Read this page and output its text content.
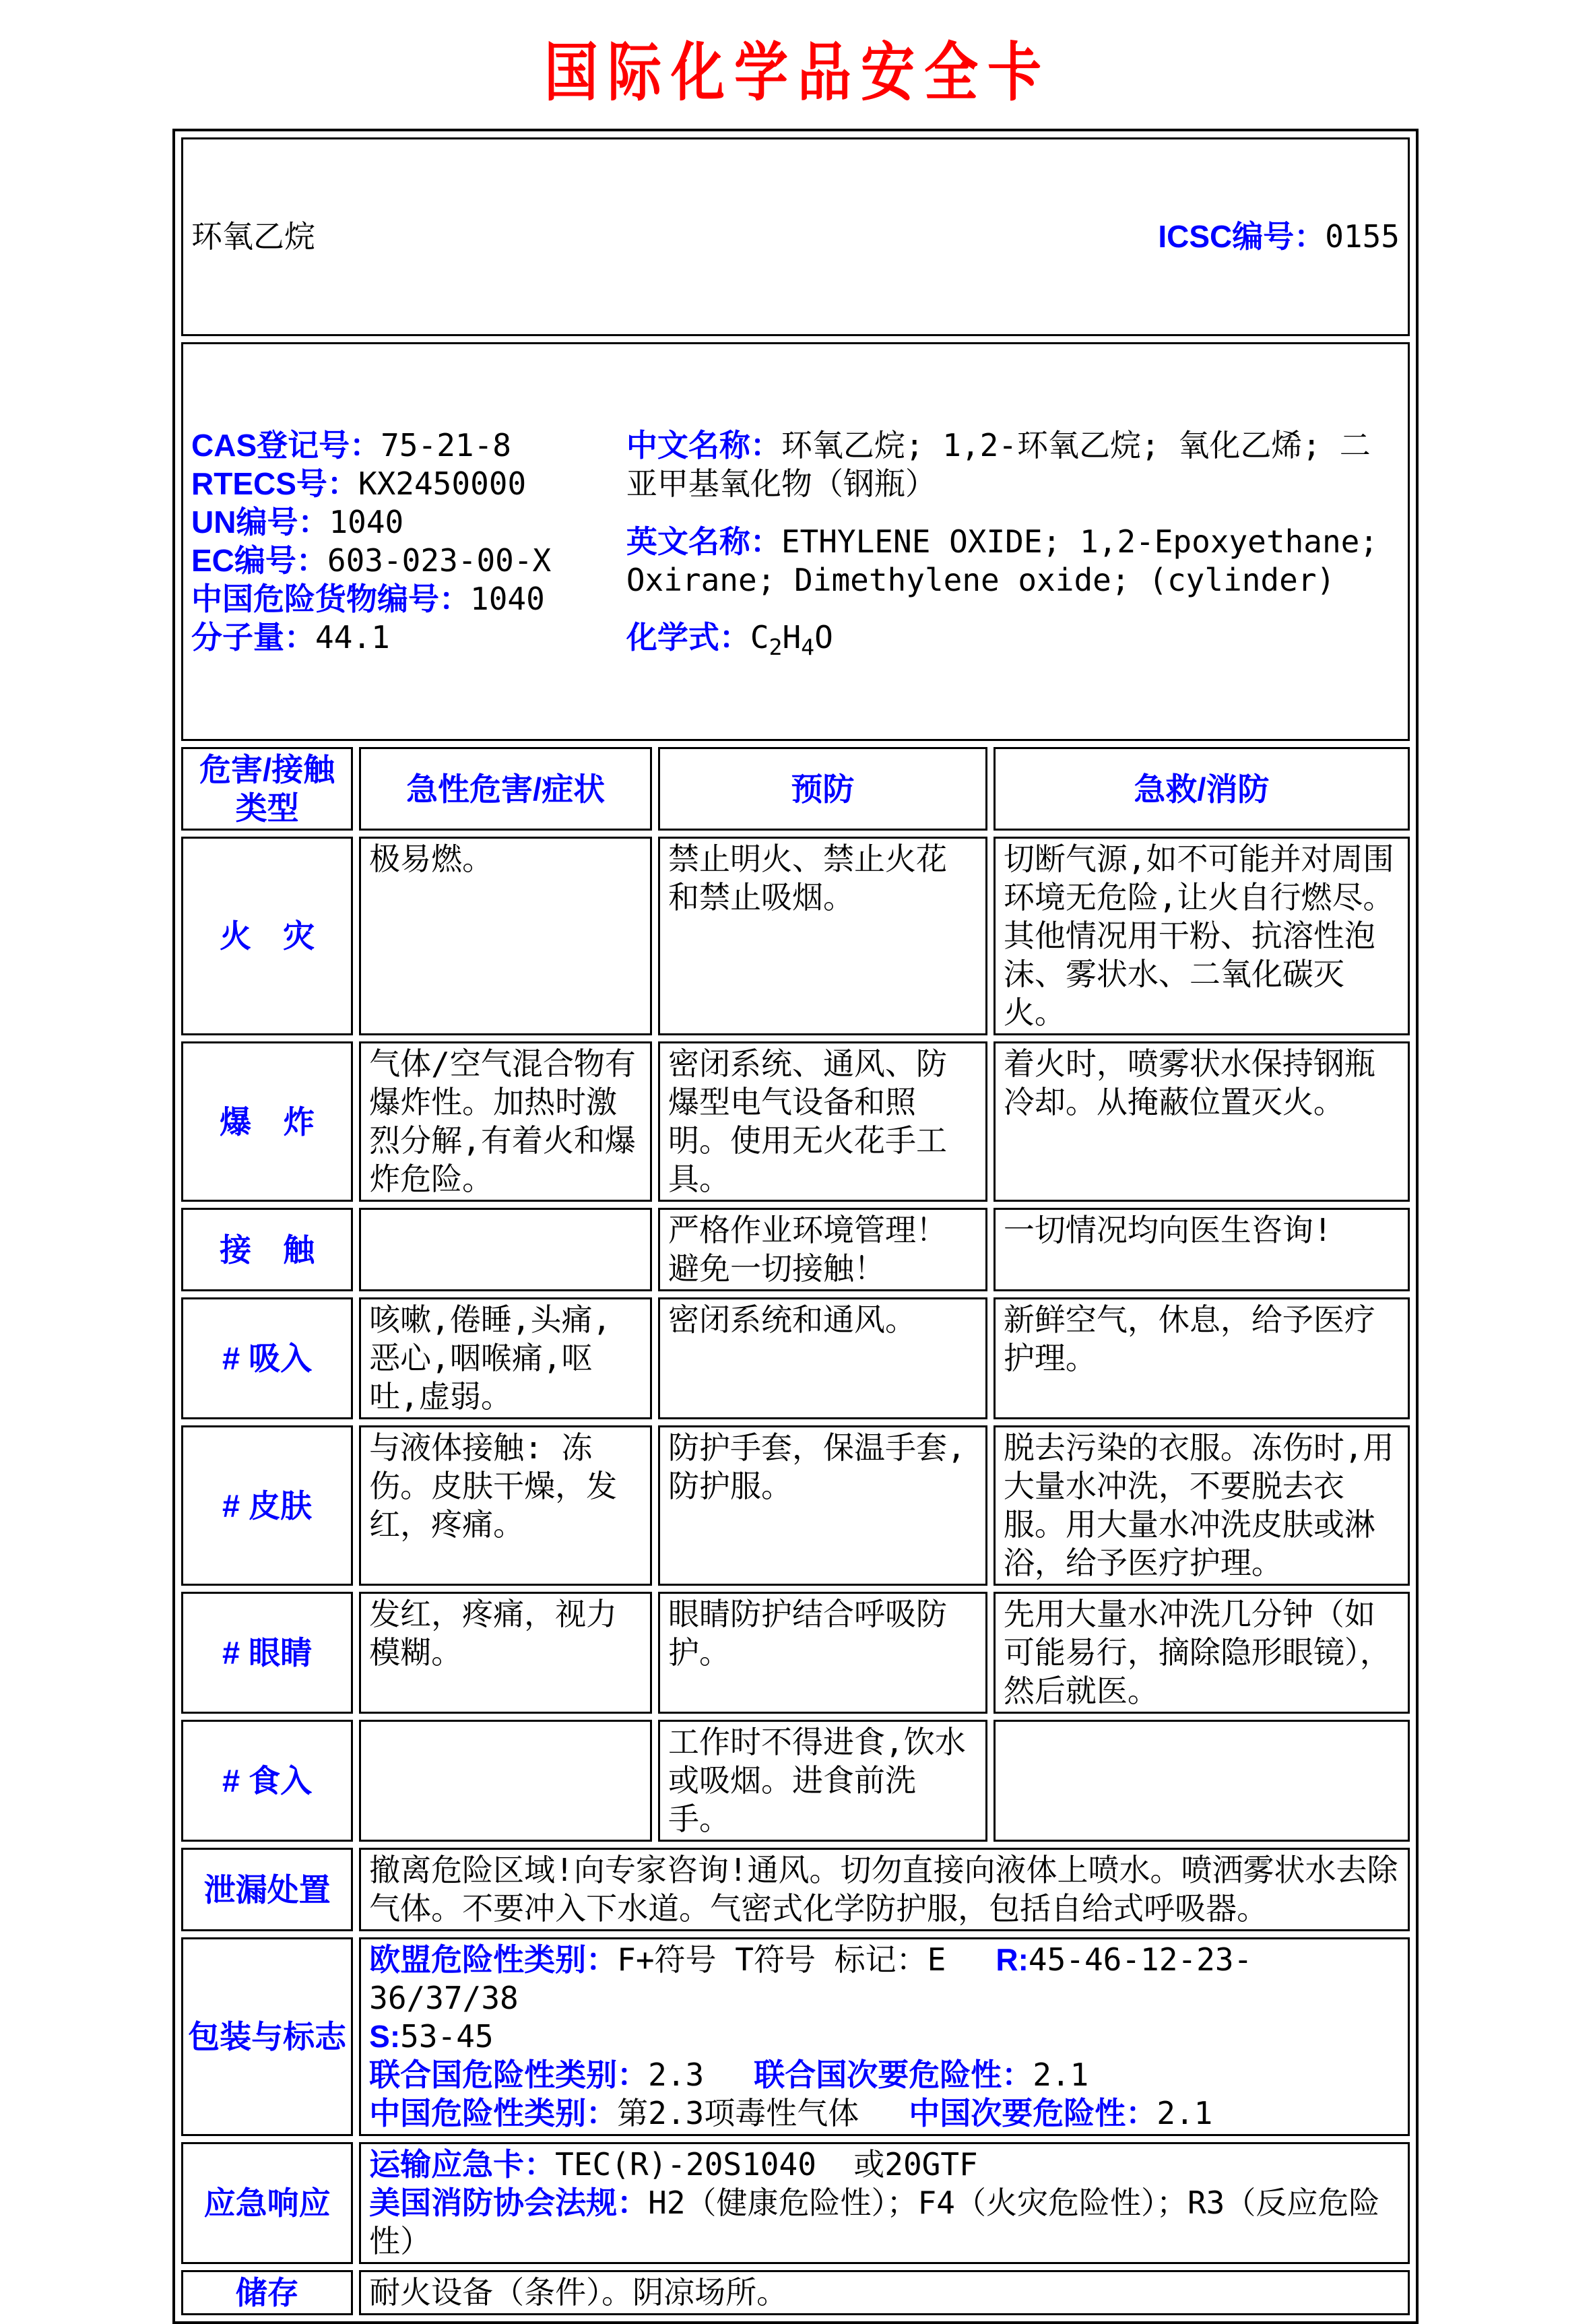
国际化学品安全卡

环氧乙烷 ICSC编号：0155			

CAS登记号：75-21-8
RTECS号：KX2450000
UN编号：1040
EC编号：603-023-00-X
中国危险货物编号：1040
分子量：44.1
中文名称：环氧乙烷; 1,2-环氧乙烷; 氧化乙烯; 二亚甲基氧化物（钢瓶）
英文名称：ETHYLENE OXIDE; 1,2-Epoxyethane; Oxirane; Dimethylene oxide; (cylinder)
化学式：$C_2H_4O$

危害/接触类型	急性危害/症状	预防	急救/消防
火　灾	极易燃。	禁止明火、禁止火花和禁止吸烟。	切断气源,如不可能并对周围环境无危险,让火自行燃尽。其他情况用干粉、抗溶性泡沫、雾状水、二氧化碳灭火。
爆　炸	气体/空气混合物有爆炸性。加热时激烈分解,有着火和爆炸危险。	密闭系统、通风、防爆型电气设备和照明。使用无火花手工具。	着火时，喷雾状水保持钢瓶冷却。从掩蔽位置灭火。
接　触		严格作业环境管理！避免一切接触！	一切情况均向医生咨询!
# 吸入	咳嗽,倦睡,头痛,恶心,咽喉痛,呕吐,虚弱。	密闭系统和通风。	新鲜空气，休息，给予医疗护理。
# 皮肤	与液体接触: 冻伤。皮肤干燥，发红，疼痛。	防护手套，保温手套,防护服。	脱去污染的衣服。冻伤时,用大量水冲洗，不要脱去衣服。用大量水冲洗皮肤或淋浴，给予医疗护理。
# 眼睛	发红，疼痛，视力模糊。	眼睛防护结合呼吸防护。	先用大量水冲洗几分钟（如可能易行，摘除隐形眼镜），然后就医。
# 食入		工作时不得进食,饮水或吸烟。进食前洗手。	
泄漏处置	撤离危险区域!向专家咨询!通风。切勿直接向液体上喷水。喷洒雾状水去除气体。不要冲入下水道。气密式化学防护服，包括自给式呼吸器。		
包装与标志	欧盟危险性类别：F+符号 T符号 标记：E R:45-46-12-23-36/37/38
S:53-45
联合国危险性类别：2.3 联合国次要危险性：2.1
中国危险性类别：第2.3项毒性气体 中国次要危险性：2.1		

应急响应	运输应急卡：TEC(R)-20S1040  或20GTF
美国消防协会法规：H2（健康危险性）；F4（火灾危险性）；R3（反应危险性）		

储存	耐火设备（条件）。阴凉场所。		
